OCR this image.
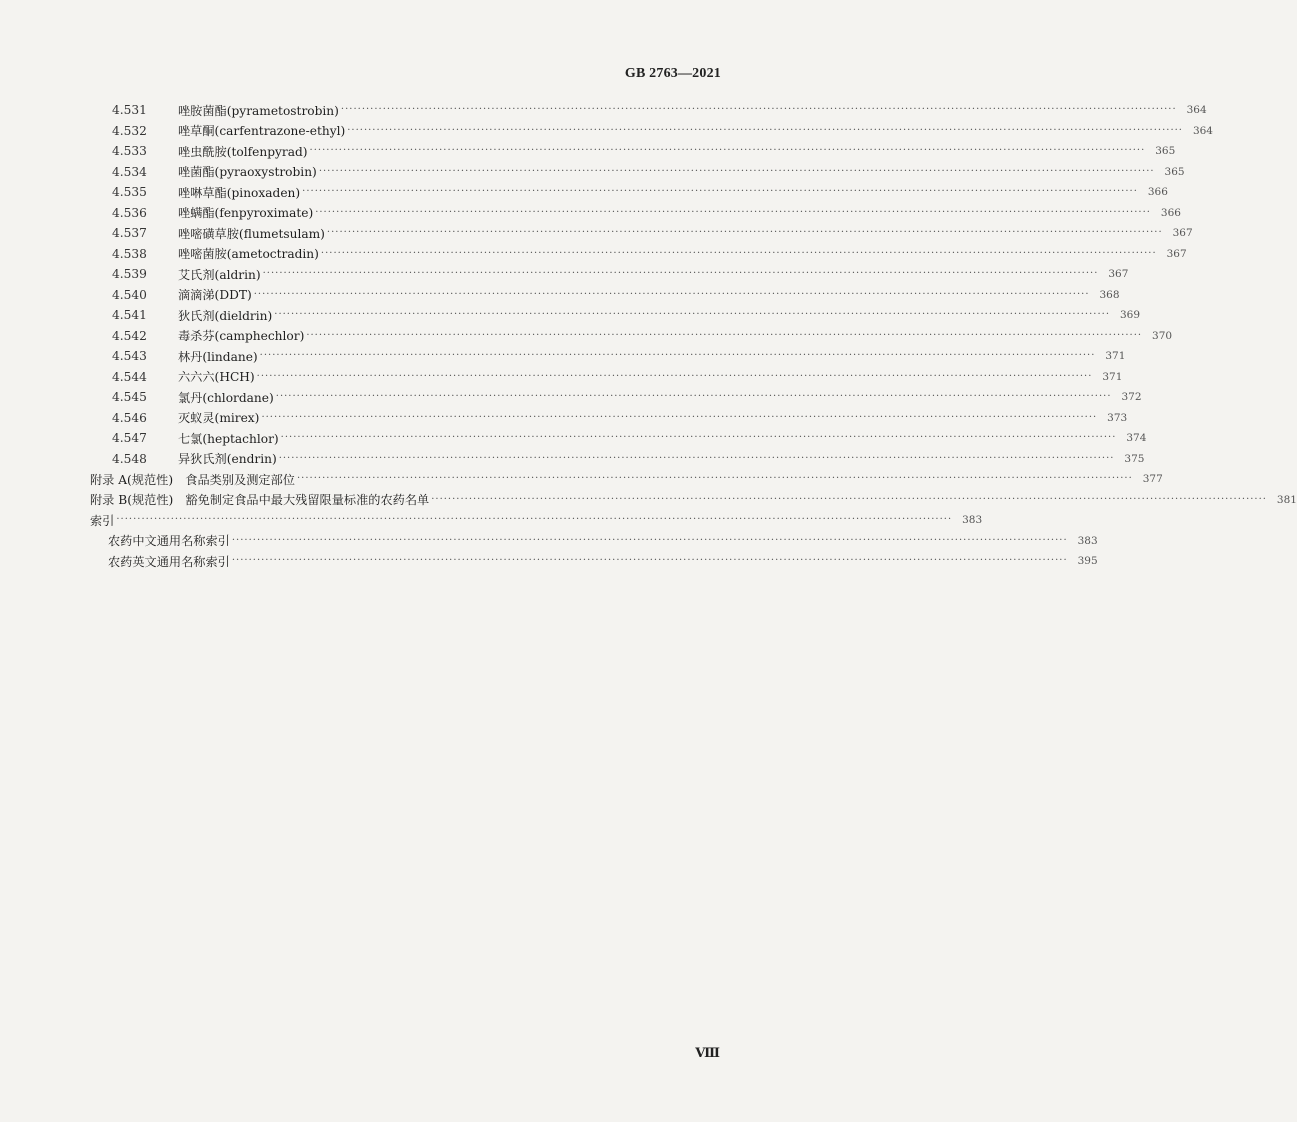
GB 2763—2021
4.531	唑胺菌酯(pyrametostrobin) ········································································································································································································ 364
4.532	唑草酮(carfentrazone-ethyl) ········································································································································································································ 364
4.533	唑虫酰胺(tolfenpyrad) ········································································································································································································ 365
4.534	唑菌酯(pyraoxystrobin) ········································································································································································································ 365
4.535	唑啉草酯(pinoxaden) ········································································································································································································ 366
4.536	唑螨酯(fenpyroximate) ········································································································································································································ 366
4.537	唑嘧磺草胺(flumetsulam) ········································································································································································································ 367
4.538	唑嘧菌胺(ametoctradin) ········································································································································································································ 367
4.539	艾氏剂(aldrin) ········································································································································································································ 367
4.540	滴滴涕(DDT) ········································································································································································································ 368
4.541	狄氏剂(dieldrin) ········································································································································································································ 369
4.542	毒杀芬(camphechlor) ········································································································································································································ 370
4.543	林丹(lindane) ········································································································································································································ 371
4.544	六六六(HCH) ········································································································································································································ 371
4.545	氯丹(chlordane) ········································································································································································································ 372
4.546	灭蚁灵(mirex) ········································································································································································································ 373
4.547	七氯(heptachlor) ········································································································································································································ 374
4.548	异狄氏剂(endrin) ········································································································································································································ 375
附录 A(规范性)　食品类别及测定部位 ········································································································································································································ 377
附录 B(规范性)　豁免制定食品中最大残留限量标准的农药名单 ········································································································································································································ 381
索引 ········································································································································································································ 383
农药中文通用名称索引 ········································································································································································································ 383
农药英文通用名称索引 ········································································································································································································ 395
Ⅷ
